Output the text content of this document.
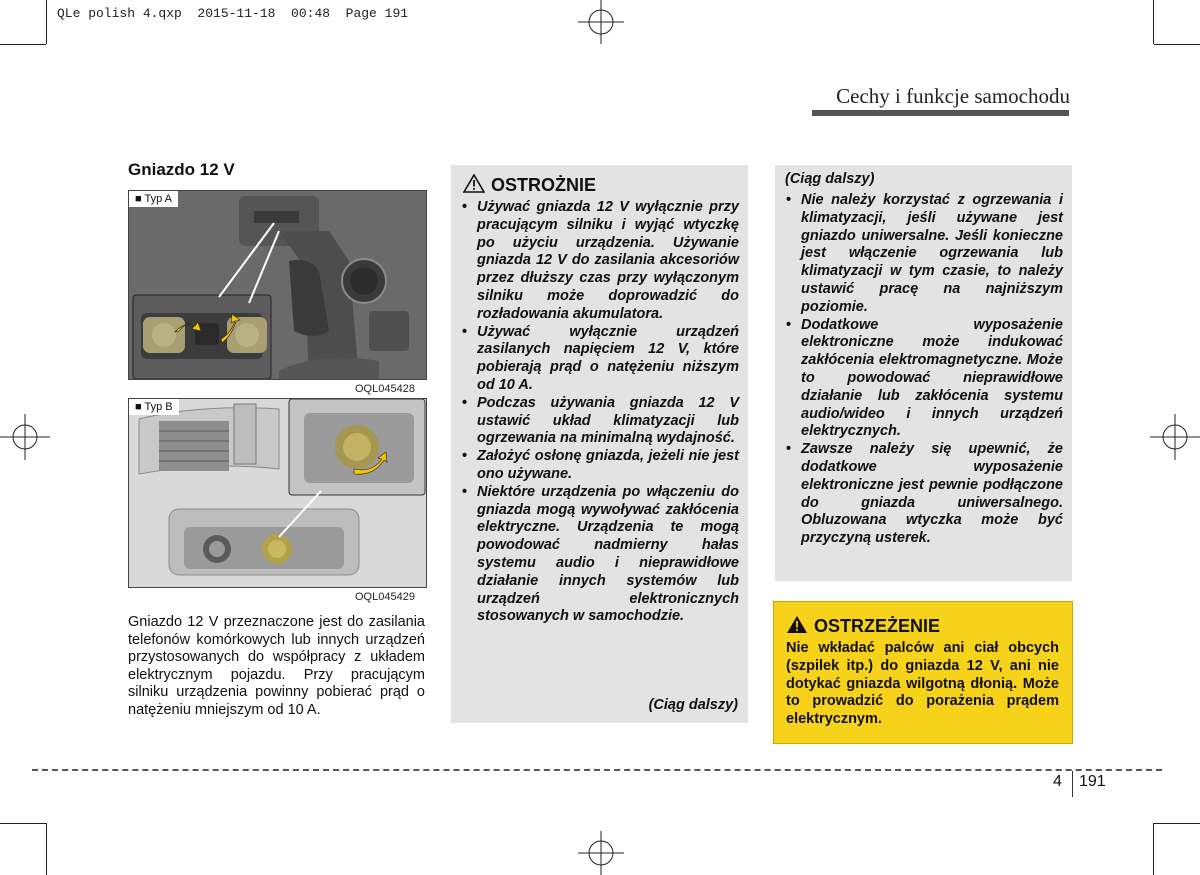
QLe polish 4.qxp  2015-11-18  00:48  Page 191
Cechy i funkcje samochodu
Gniazdo 12 V
■ Typ A
OQL045428
■ Typ B
OQL045429
Gniazdo 12 V przeznaczone jest do zasilania telefonów komórkowych lub innych urządzeń przystosowanych do współpracy z układem elektrycznym pojazdu. Przy pracującym silniku urządzenia powinny pobierać prąd o natężeniu mniejszym od 10 A.
OSTROŻNIE
• Używać gniazda 12 V wyłącznie przy pracującym silniku i wyjąć wtyczkę po użyciu urządzenia. Używanie gniazda 12 V do zasilania akcesoriów przez dłuższy czas przy wyłączonym silniku może doprowadzić do rozładowania akumulatora.
• Używać wyłącznie urządzeń zasilanych napięciem 12 V, które pobierają prąd o natężeniu niższym od 10 A.
• Podczas używania gniazda 12 V ustawić układ klimatyzacji lub ogrzewania na minimalną wydajność.
• Założyć osłonę gniazda, jeżeli nie jest ono używane.
• Niektóre urządzenia po włączeniu do gniazda mogą wywoływać zakłócenia elektryczne. Urządzenia te mogą powodować nadmierny hałas systemu audio i nieprawidłowe działanie innych systemów lub urządzeń elektronicznych stosowanych w samochodzie.
(Ciąg dalszy)
(Ciąg dalszy)
• Nie należy korzystać z ogrzewania i klimatyzacji, jeśli używane jest gniazdo uniwersalne. Jeśli konieczne jest włączenie ogrzewania lub klimatyzacji w tym czasie, to należy ustawić pracę na najniższym poziomie.
• Dodatkowe wyposażenie elektroniczne może indukować zakłócenia elektromagnetyczne. Może to powodować nieprawidłowe działanie lub zakłócenia systemu audio/wideo i innych urządzeń elektrycznych.
• Zawsze należy się upewnić, że dodatkowe wyposażenie elektroniczne jest pewnie podłączone do gniazda uniwersalnego. Obluzowana wtyczka może być przyczyną usterek.
OSTRZEŻENIE
Nie wkładać palców ani ciał obcych (szpilek itp.) do gniazda 12 V, ani nie dotykać gniazda wilgotną dłonią. Może to prowadzić do porażenia prądem elektrycznym.
4 191
